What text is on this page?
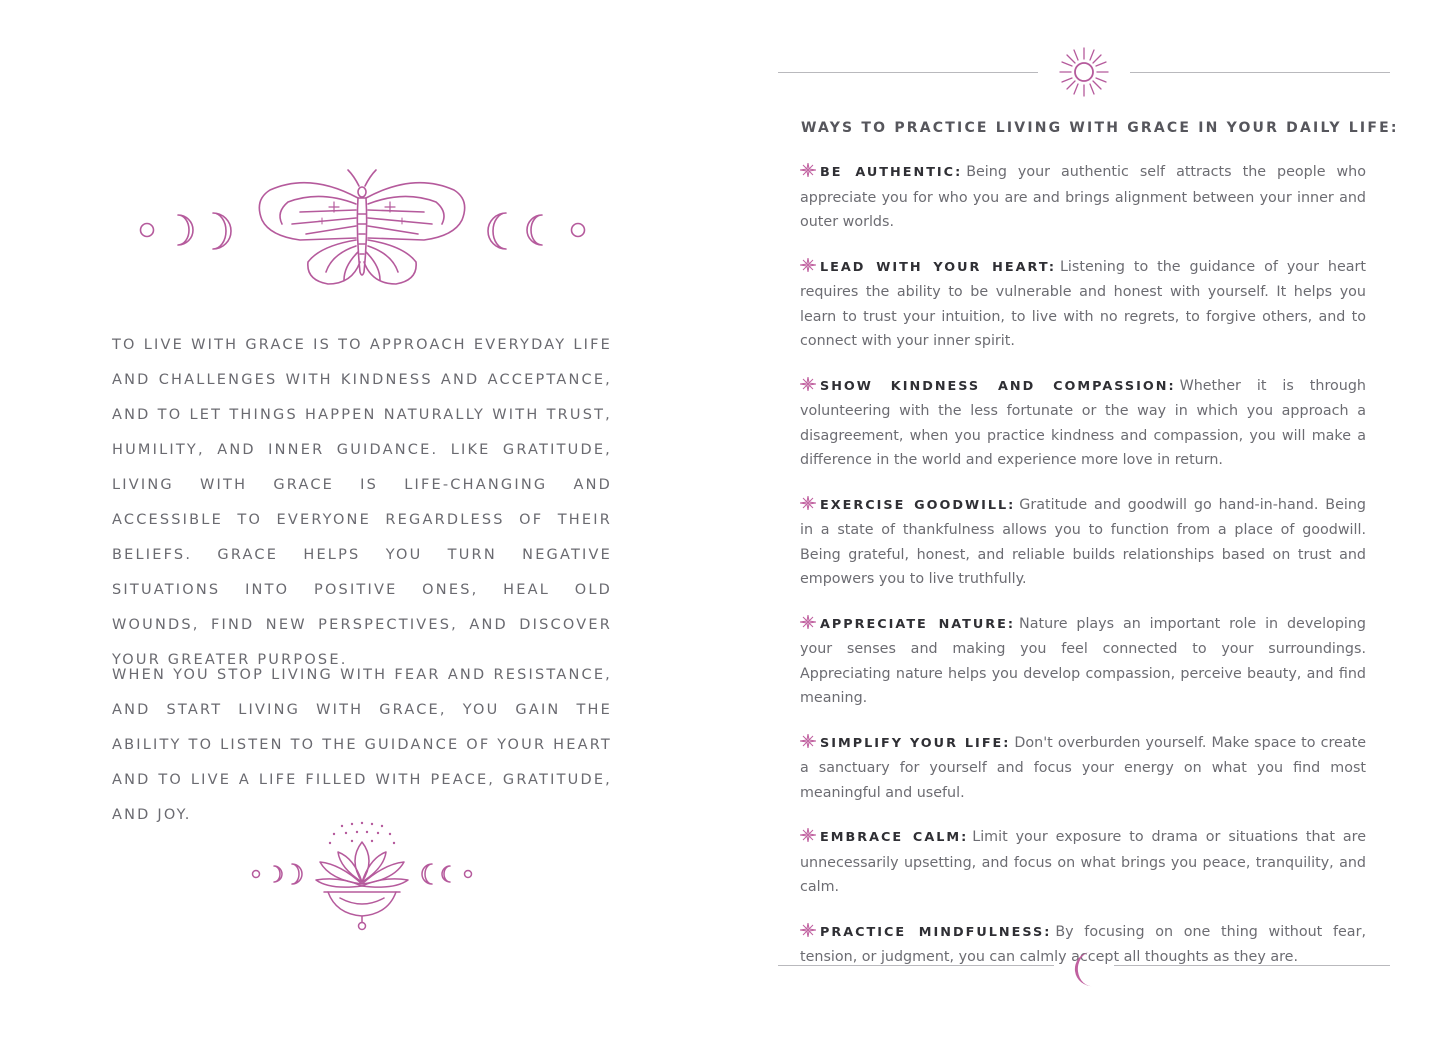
TO LIVE WITH GRACE IS TO APPROACH EVERYDAY LIFE AND CHALLENGES WITH KINDNESS AND ACCEPTANCE, AND TO LET THINGS HAPPEN NATURALLY WITH TRUST, HUMILITY, AND INNER GUIDANCE. LIKE GRATITUDE, LIVING WITH GRACE IS LIFE-CHANGING AND ACCESSIBLE TO EVERYONE REGARDLESS OF THEIR BELIEFS. GRACE HELPS YOU TURN NEGATIVE SITUATIONS INTO POSITIVE ONES, HEAL OLD WOUNDS, FIND NEW PERSPECTIVES, AND DISCOVER YOUR GREATER PURPOSE.

WHEN YOU STOP LIVING WITH FEAR AND RESISTANCE, AND START LIVING WITH GRACE, YOU GAIN THE ABILITY TO LISTEN TO THE GUIDANCE OF YOUR HEART AND TO LIVE A LIFE FILLED WITH PEACE, GRATITUDE, AND JOY.

WAYS TO PRACTICE LIVING WITH GRACE IN YOUR DAILY LIFE:
BE AUTHENTIC: Being your authentic self attracts the people who appreciate you for who you are and brings alignment between your inner and outer worlds.
LEAD WITH YOUR HEART: Listening to the guidance of your heart requires the ability to be vulnerable and honest with yourself. It helps you learn to trust your intuition, to live with no regrets, to forgive others, and to connect with your inner spirit.
SHOW KINDNESS AND COMPASSION: Whether it is through volunteering with the less fortunate or the way in which you approach a disagreement, when you practice kindness and compassion, you will make a difference in the world and experience more love in return.
EXERCISE GOODWILL: Gratitude and goodwill go hand-in-hand. Being in a state of thankfulness allows you to function from a place of goodwill. Being grateful, honest, and reliable builds relationships based on trust and empowers you to live truthfully.
APPRECIATE NATURE: Nature plays an important role in developing your senses and making you feel connected to your surroundings. Appreciating nature helps you develop compassion, perceive beauty, and find meaning.
SIMPLIFY YOUR LIFE: Don't overburden yourself. Make space to create a sanctuary for yourself and focus your energy on what you find most meaningful and useful.
EMBRACE CALM: Limit your exposure to drama or situations that are unnecessarily upsetting, and focus on what brings you peace, tranquility, and calm.
PRACTICE MINDFULNESS: By focusing on one thing without fear, tension, or judgment, you can calmly accept all thoughts as they are.
